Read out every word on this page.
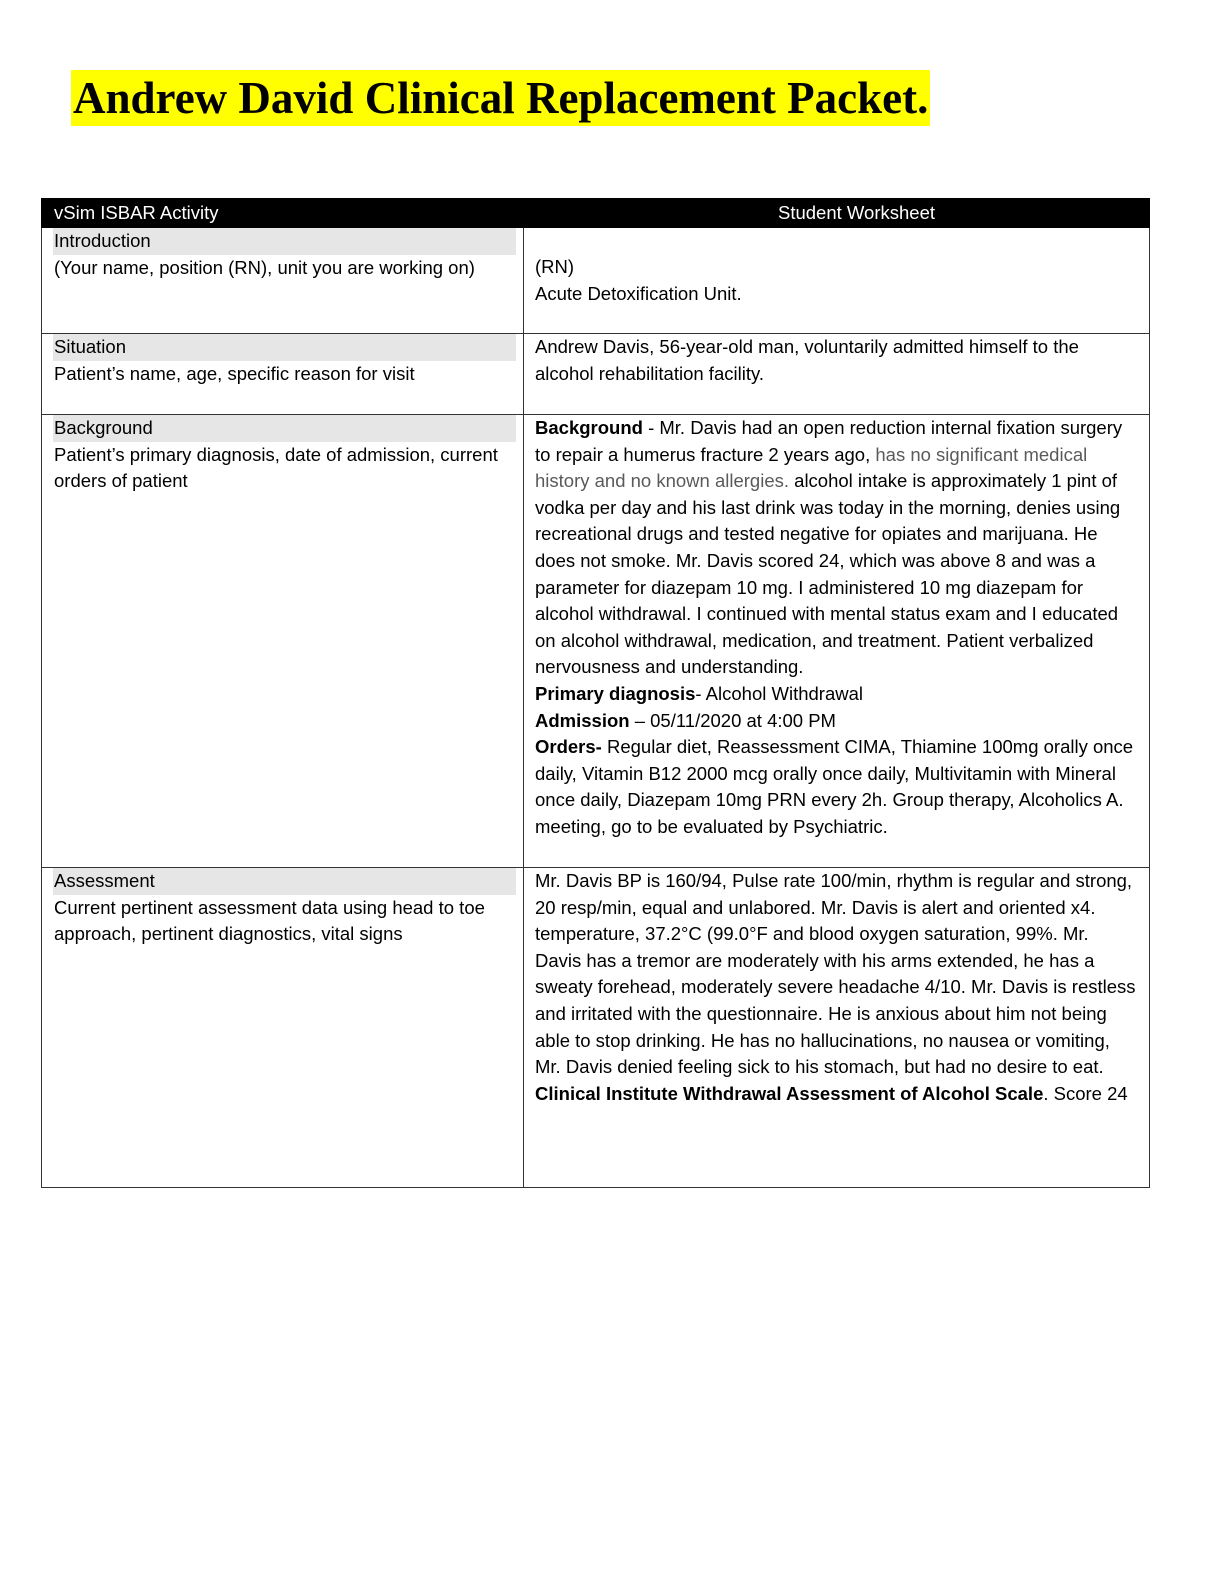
Andrew David Clinical Replacement Packet.
vSim ISBAR Activity	Student Worksheet

Introduction
(Your name, position (RN), unit you are working on)	(RN)
Acute Detoxification Unit.

Situation
Patient’s name, age, specific reason for visit	Andrew Davis, 56-year-old man, voluntarily admitted himself to the alcohol rehabilitation facility.

Background
Patient’s primary diagnosis, date of admission, current orders of patient	Background - Mr. Davis had an open reduction internal fixation surgery to repair a humerus fracture 2 years ago, has no significant medical history and no known allergies. alcohol intake is approximately 1 pint of vodka per day and his last drink was today in the morning, denies using recreational drugs and tested negative for opiates and marijuana. He does not smoke. Mr. Davis scored 24, which was above 8 and was a parameter for diazepam 10 mg. I administered 10 mg diazepam for alcohol withdrawal. I continued with mental status exam and I educated on alcohol withdrawal, medication, and treatment. Patient verbalized nervousness and understanding.
Primary diagnosis- Alcohol Withdrawal
Admission – 05/11/2020 at 4:00 PM
Orders- Regular diet, Reassessment CIMA, Thiamine 100mg orally once daily, Vitamin B12 2000 mcg orally once daily, Multivitamin with Mineral once daily, Diazepam 10mg PRN every 2h. Group therapy, Alcoholics A. meeting, go to be evaluated by Psychiatric.

Assessment
Current pertinent assessment data using head to toe approach, pertinent diagnostics, vital signs	Mr. Davis BP is 160/94, Pulse rate 100/min, rhythm is regular and strong, 20 resp/min, equal and unlabored. Mr. Davis is alert and oriented x4. temperature, 37.2°C (99.0°F and blood oxygen saturation, 99%. Mr. Davis has a tremor are moderately with his arms extended, he has a sweaty forehead, moderately severe headache 4/10. Mr. Davis is restless and irritated with the questionnaire. He is anxious about him not being able to stop drinking. He has no hallucinations, no nausea or vomiting, Mr. Davis denied feeling sick to his stomach, but had no desire to eat.
Clinical Institute Withdrawal Assessment of Alcohol Scale. Score 24
